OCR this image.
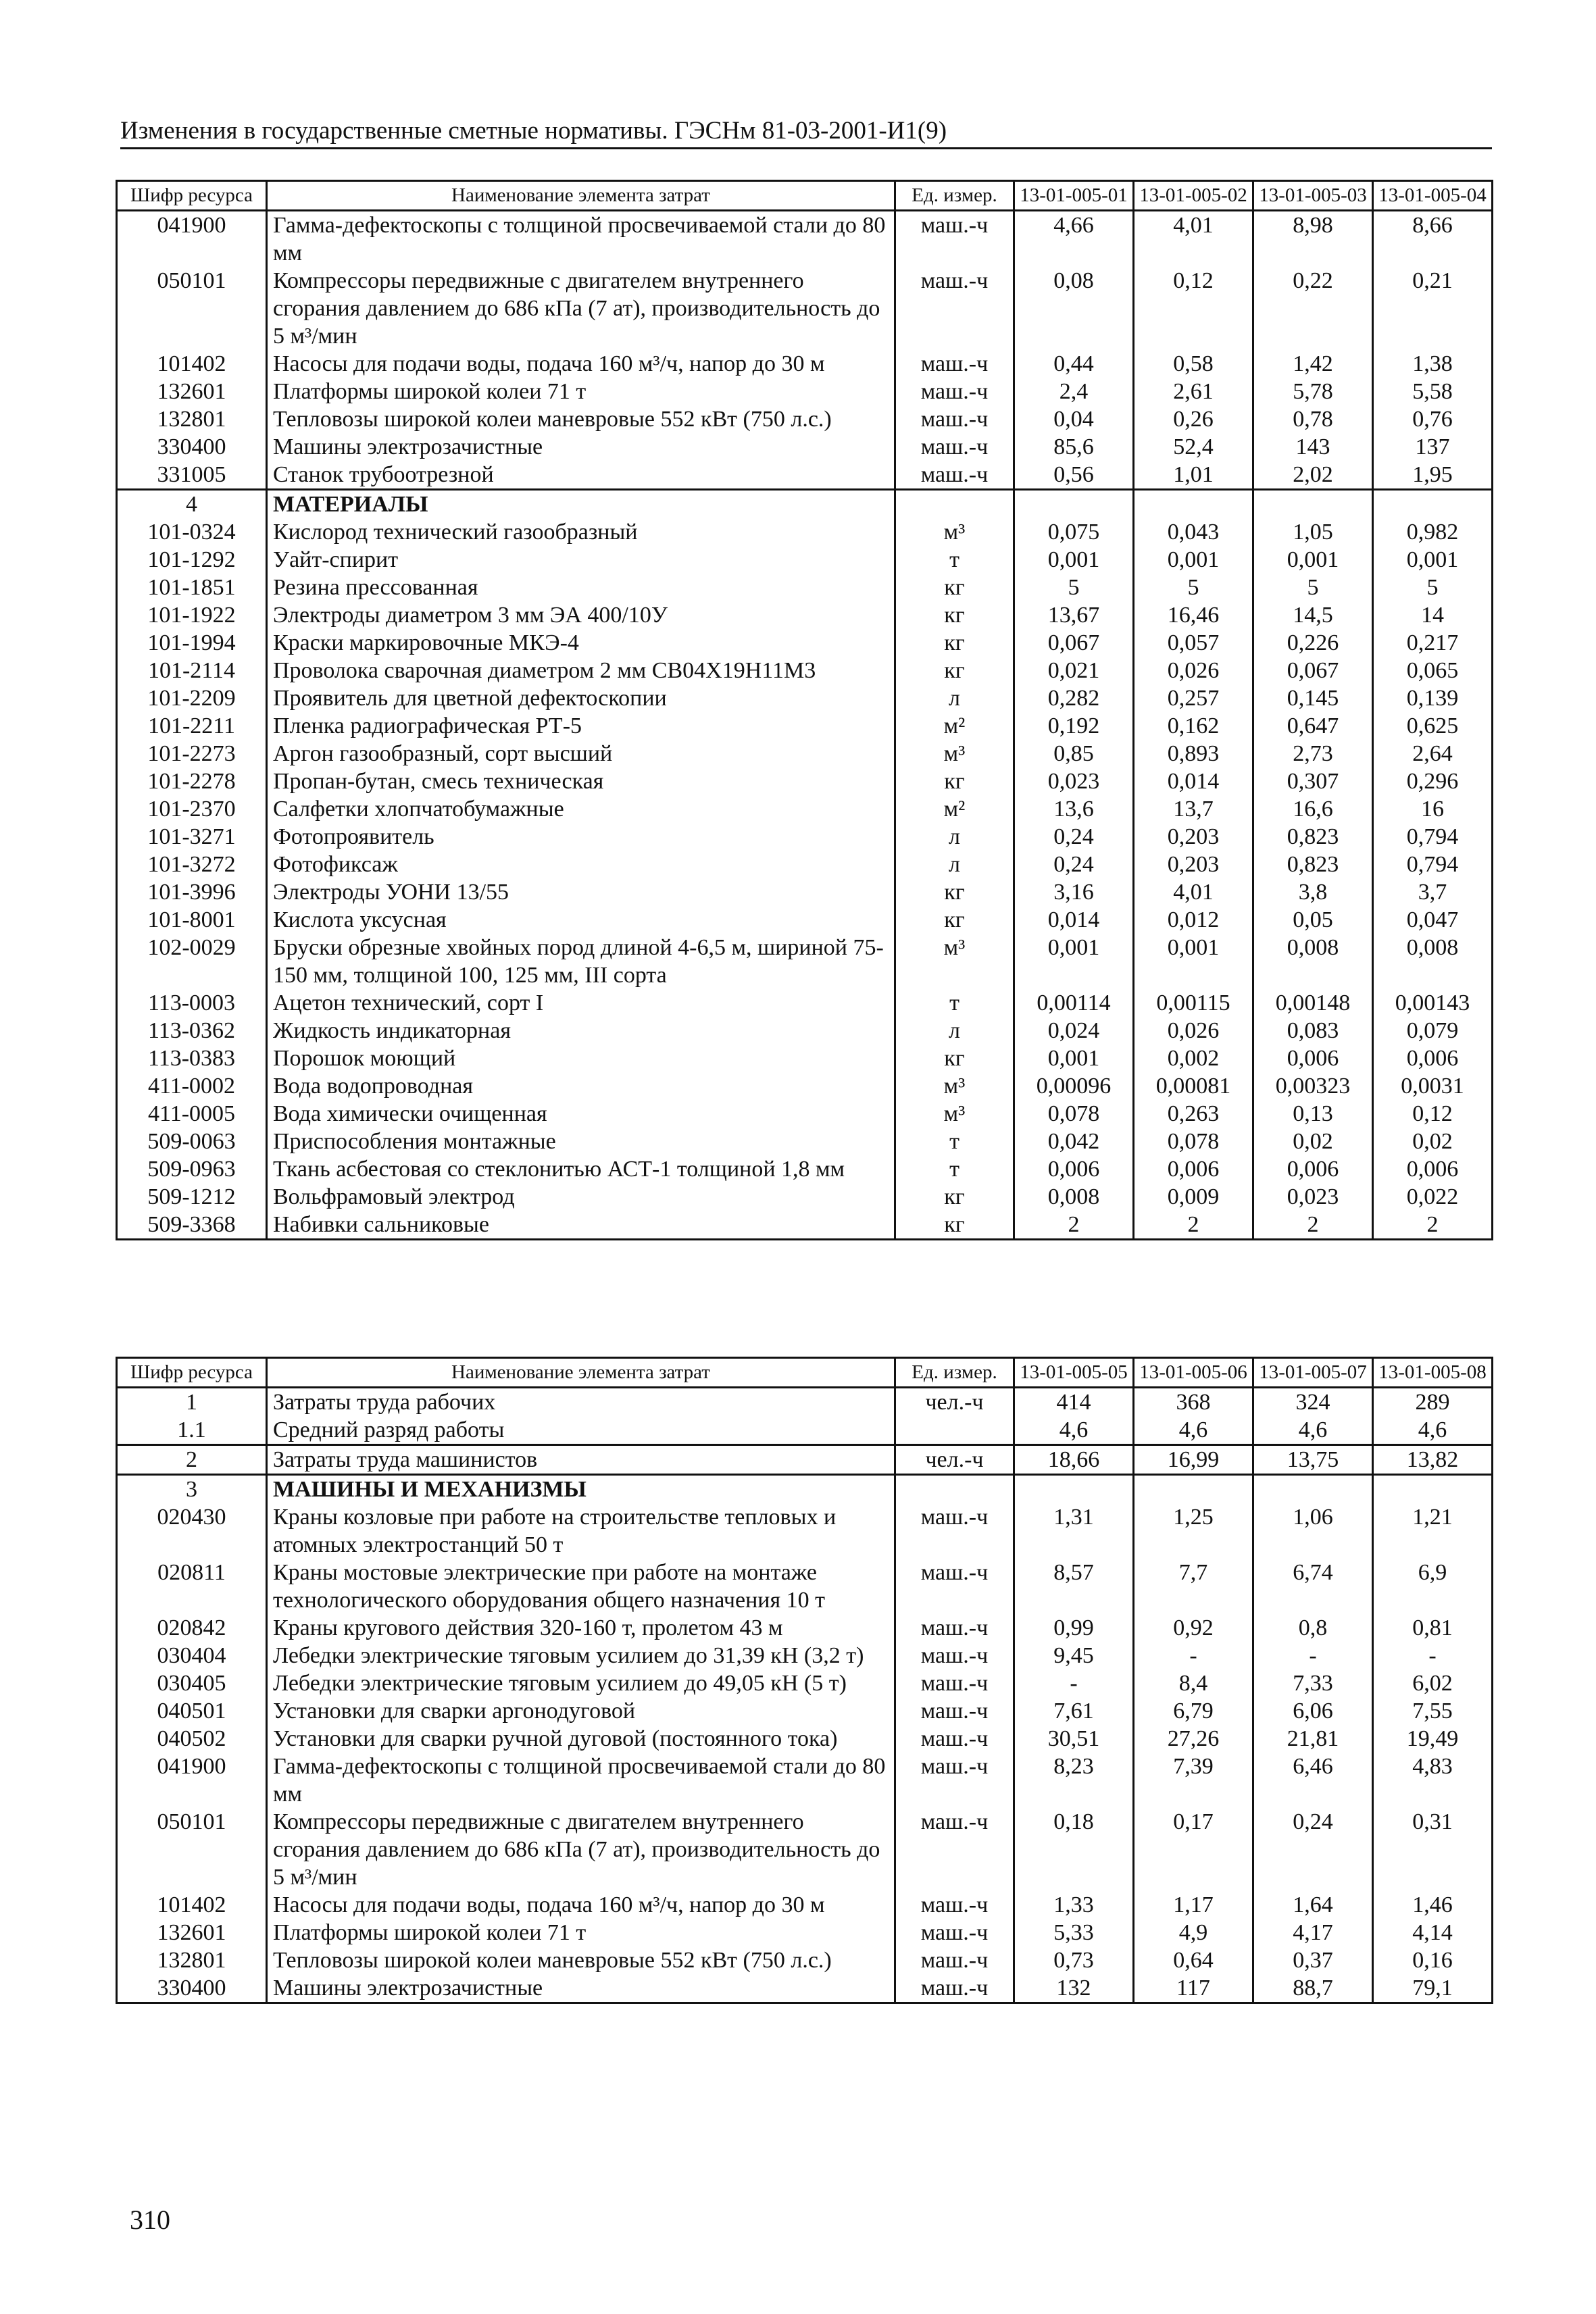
Изменения в государственные сметные нормативы. ГЭСНм 81-03-2001-И1(9)
Шифр ресурса	Наименование элемента затрат	Ед. измер.	13-01-005-01	13-01-005-02	13-01-005-03	13-01-005-04
041900	Гамма-дефектоскопы с толщиной просвечиваемой стали до 80 мм	маш.-ч	4,66	4,01	8,98	8,66
050101	Компрессоры передвижные с двигателем внутреннего сгорания давлением до 686 кПа (7 ат), производительность до 5 м³/мин	маш.-ч	0,08	0,12	0,22	0,21
101402	Насосы для подачи воды, подача 160 м³/ч, напор до 30 м	маш.-ч	0,44	0,58	1,42	1,38
132601	Платформы широкой колеи 71 т	маш.-ч	2,4	2,61	5,78	5,58
132801	Тепловозы широкой колеи маневровые 552 кВт (750 л.с.)	маш.-ч	0,04	0,26	0,78	0,76
330400	Машины электрозачистные	маш.-ч	85,6	52,4	143	137
331005	Станок трубоотрезной	маш.-ч	0,56	1,01	2,02	1,95
4	МАТЕРИАЛЫ					
101-0324	Кислород технический газообразный	м³	0,075	0,043	1,05	0,982
101-1292	Уайт-спирит	т	0,001	0,001	0,001	0,001
101-1851	Резина прессованная	кг	5	5	5	5
101-1922	Электроды диаметром 3 мм ЭА 400/10У	кг	13,67	16,46	14,5	14
101-1994	Краски маркировочные МКЭ-4	кг	0,067	0,057	0,226	0,217
101-2114	Проволока сварочная диаметром 2 мм СВ04Х19Н11М3	кг	0,021	0,026	0,067	0,065
101-2209	Проявитель для цветной дефектоскопии	л	0,282	0,257	0,145	0,139
101-2211	Пленка радиографическая РТ-5	м²	0,192	0,162	0,647	0,625
101-2273	Аргон газообразный, сорт высший	м³	0,85	0,893	2,73	2,64
101-2278	Пропан-бутан, смесь техническая	кг	0,023	0,014	0,307	0,296
101-2370	Салфетки хлопчатобумажные	м²	13,6	13,7	16,6	16
101-3271	Фотопроявитель	л	0,24	0,203	0,823	0,794
101-3272	Фотофиксаж	л	0,24	0,203	0,823	0,794
101-3996	Электроды УОНИ 13/55	кг	3,16	4,01	3,8	3,7
101-8001	Кислота уксусная	кг	0,014	0,012	0,05	0,047
102-0029	Бруски обрезные хвойных пород длиной 4-6,5 м, шириной 75-150 мм, толщиной 100, 125 мм, III сорта	м³	0,001	0,001	0,008	0,008
113-0003	Ацетон технический, сорт I	т	0,00114	0,00115	0,00148	0,00143
113-0362	Жидкость индикаторная	л	0,024	0,026	0,083	0,079
113-0383	Порошок моющий	кг	0,001	0,002	0,006	0,006
411-0002	Вода водопроводная	м³	0,00096	0,00081	0,00323	0,0031
411-0005	Вода химически очищенная	м³	0,078	0,263	0,13	0,12
509-0063	Приспособления монтажные	т	0,042	0,078	0,02	0,02
509-0963	Ткань асбестовая со стеклонитью АСТ-1 толщиной 1,8 мм	т	0,006	0,006	0,006	0,006
509-1212	Вольфрамовый электрод	кг	0,008	0,009	0,023	0,022
509-3368	Набивки сальниковые	кг	2	2	2	2
Шифр ресурса	Наименование элемента затрат	Ед. измер.	13-01-005-05	13-01-005-06	13-01-005-07	13-01-005-08
1	Затраты труда рабочих	чел.-ч	414	368	324	289
1.1	Средний разряд работы		4,6	4,6	4,6	4,6
2	Затраты труда машинистов	чел.-ч	18,66	16,99	13,75	13,82
3	МАШИНЫ И МЕХАНИЗМЫ					
020430	Краны козловые при работе на строительстве тепловых и атомных электростанций 50 т	маш.-ч	1,31	1,25	1,06	1,21
020811	Краны мостовые электрические при работе на монтаже технологического оборудования общего назначения 10 т	маш.-ч	8,57	7,7	6,74	6,9
020842	Краны кругового действия 320-160 т, пролетом 43 м	маш.-ч	0,99	0,92	0,8	0,81
030404	Лебедки электрические тяговым усилием до 31,39 кН (3,2 т)	маш.-ч	9,45	-	-	-
030405	Лебедки электрические тяговым усилием до 49,05 кН (5 т)	маш.-ч	-	8,4	7,33	6,02
040501	Установки для сварки аргонодуговой	маш.-ч	7,61	6,79	6,06	7,55
040502	Установки для сварки ручной дуговой (постоянного тока)	маш.-ч	30,51	27,26	21,81	19,49
041900	Гамма-дефектоскопы с толщиной просвечиваемой стали до 80 мм	маш.-ч	8,23	7,39	6,46	4,83
050101	Компрессоры передвижные с двигателем внутреннего сгорания давлением до 686 кПа (7 ат), производительность до 5 м³/мин	маш.-ч	0,18	0,17	0,24	0,31
101402	Насосы для подачи воды, подача 160 м³/ч, напор до 30 м	маш.-ч	1,33	1,17	1,64	1,46
132601	Платформы широкой колеи 71 т	маш.-ч	5,33	4,9	4,17	4,14
132801	Тепловозы широкой колеи маневровые 552 кВт (750 л.с.)	маш.-ч	0,73	0,64	0,37	0,16
330400	Машины электрозачистные	маш.-ч	132	117	88,7	79,1
310
